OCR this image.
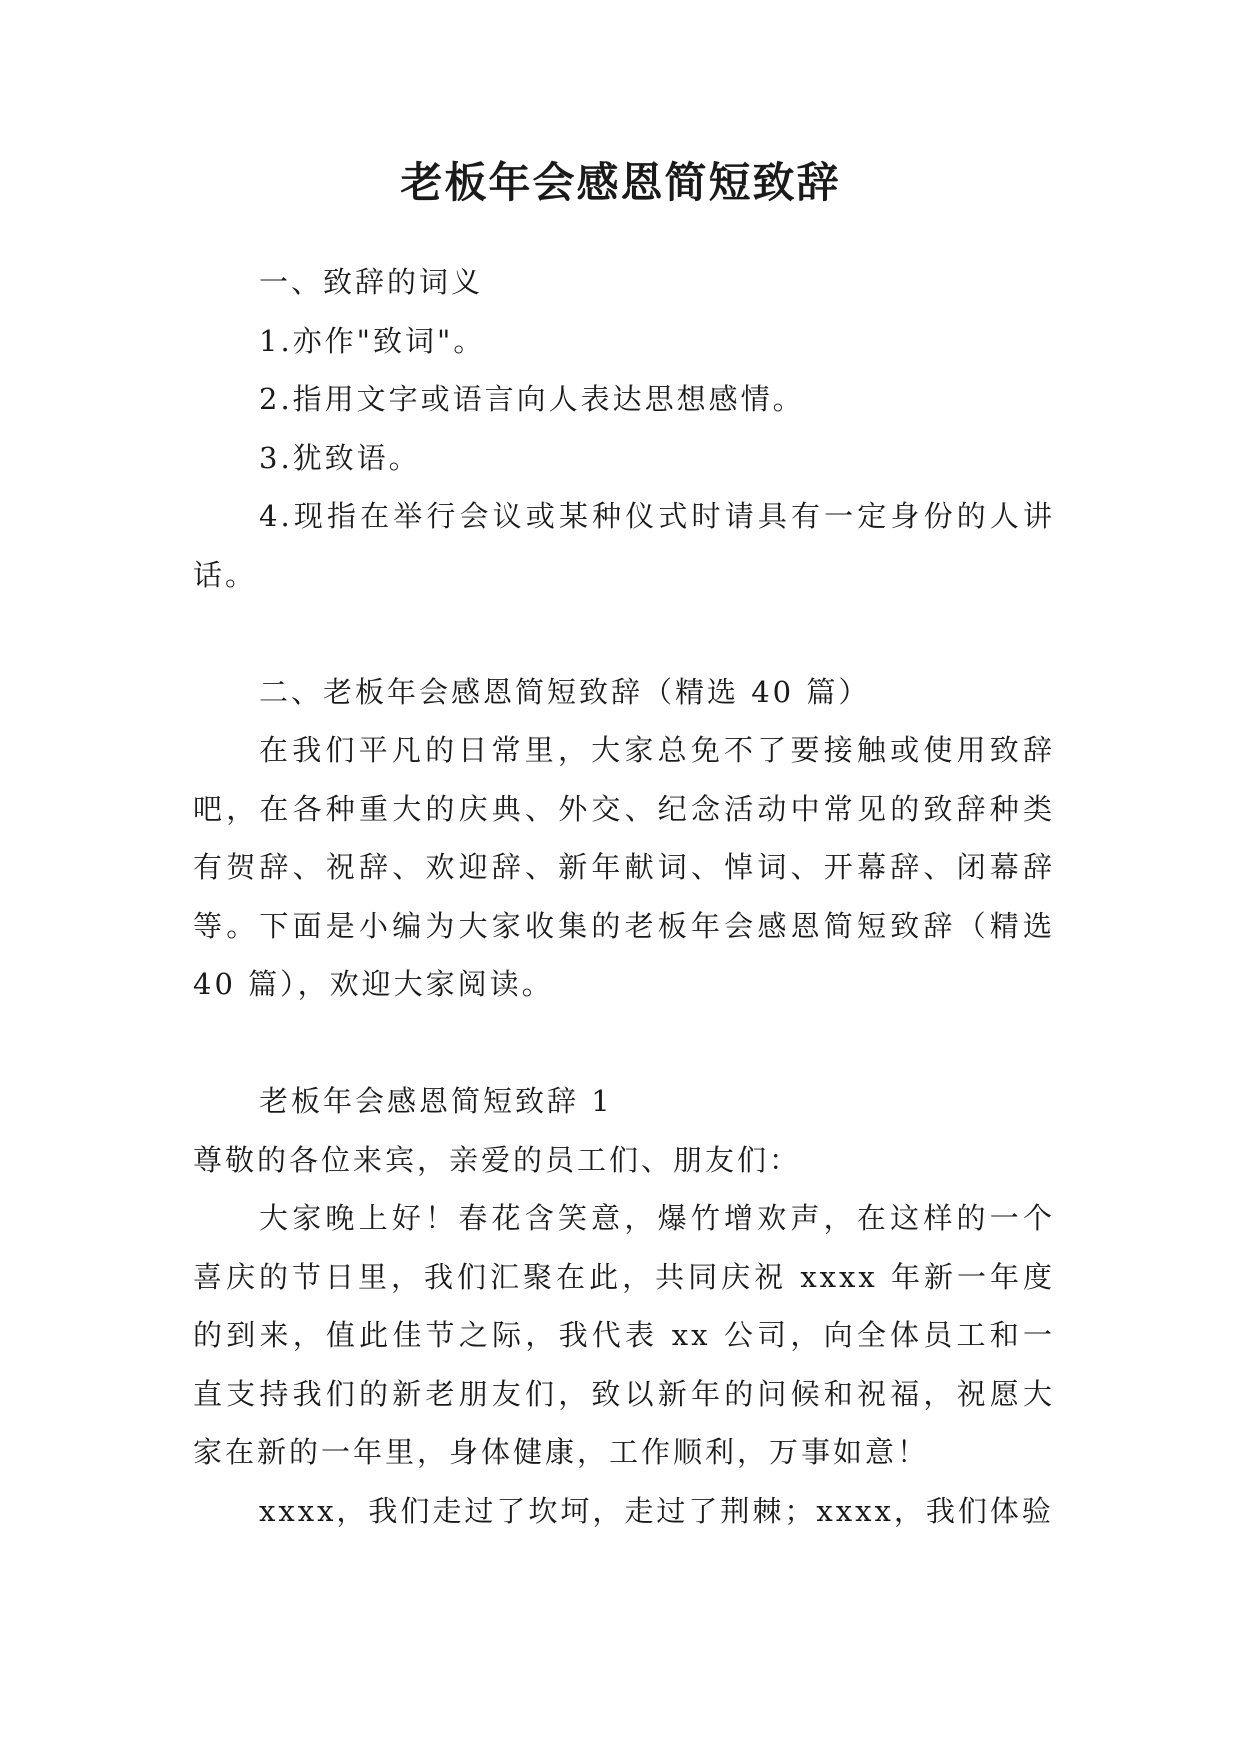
老板年会感恩简短致辞

一、致辞的词义

1.亦作"致词"。

2.指用文字或语言向人表达思想感情。

3.犹致语。

4.现指在举行会议或某种仪式时请具有一定身份的人讲话。

二、老板年会感恩简短致辞（精选 40 篇）

在我们平凡的日常里，大家总免不了要接触或使用致辞吧，在各种重大的庆典、外交、纪念活动中常见的致辞种类有贺辞、祝辞、欢迎辞、新年献词、悼词、开幕辞、闭幕辞等。下面是小编为大家收集的老板年会感恩简短致辞（精选 40 篇），欢迎大家阅读。

老板年会感恩简短致辞 1

尊敬的各位来宾，亲爱的员工们、朋友们：

大家晚上好！春花含笑意，爆竹增欢声，在这样的一个喜庆的节日里，我们汇聚在此，共同庆祝 xxxx 年新一年度的到来，值此佳节之际，我代表 xx 公司，向全体员工和一直支持我们的新老朋友们，致以新年的问候和祝福，祝愿大家在新的一年里，身体健康，工作顺利，万事如意！

xxxx，我们走过了坎坷，走过了荆棘；xxxx，我们体验
